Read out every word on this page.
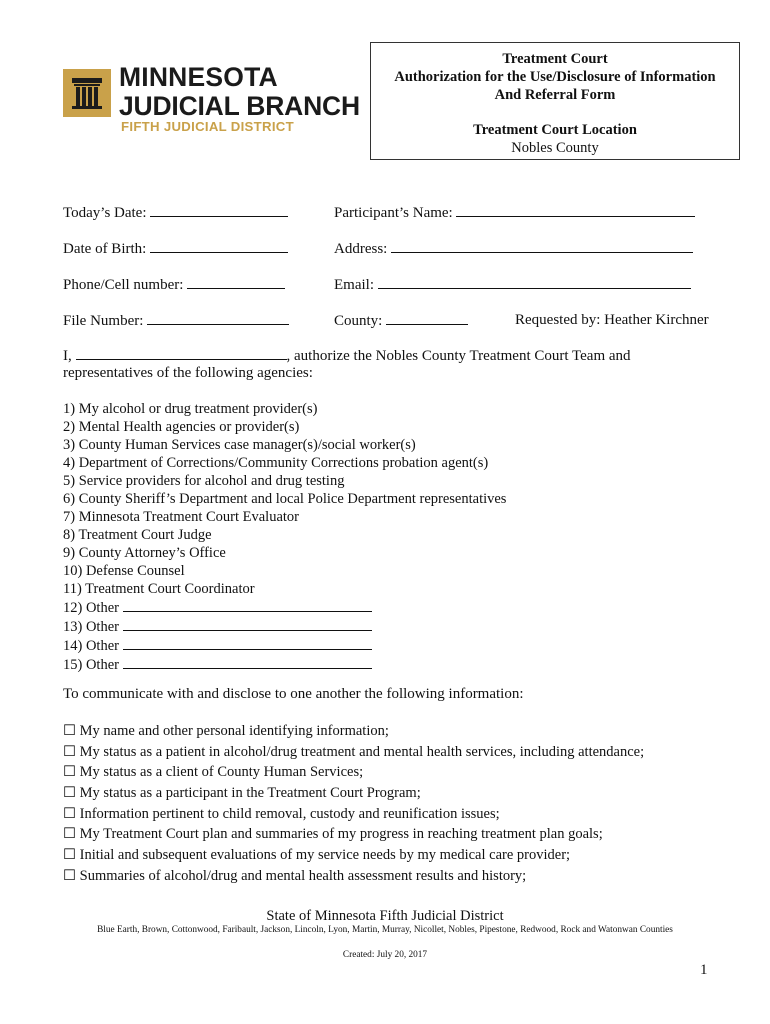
MINNESOTA
JUDICIAL BRANCH
FIFTH JUDICIAL DISTRICT
Treatment Court
Authorization for the Use/Disclosure of Information
And Referral Form
Treatment Court Location
Nobles County
Today’s Date:	Participant’s Name:
Date of Birth:	Address:
Phone/Cell number:	Email:
File Number:	County:	Requested by: Heather Kirchner
I,	, authorize the Nobles County Treatment Court Team and
representatives of the following agencies:
1) My alcohol or drug treatment provider(s)
2) Mental Health agencies or provider(s)
3) County Human Services case manager(s)/social worker(s)
4) Department of Corrections/Community Corrections probation agent(s)
5) Service providers for alcohol and drug testing
6) County Sheriff’s Department and local Police Department representatives
7) Minnesota Treatment Court Evaluator
8) Treatment Court Judge
9) County Attorney’s Office
10) Defense Counsel
11) Treatment Court Coordinator
12) Other
13) Other
14) Other
15) Other
To communicate with and disclose to one another the following information:
☐ My name and other personal identifying information;
☐ My status as a patient in alcohol/drug treatment and mental health services, including attendance;
☐ My status as a client of County Human Services;
☐ My status as a participant in the Treatment Court Program;
☐ Information pertinent to child removal, custody and reunification issues;
☐ My Treatment Court plan and summaries of my progress in reaching treatment plan goals;
☐ Initial and subsequent evaluations of my service needs by my medical care provider;
☐ Summaries of alcohol/drug and mental health assessment results and history;
State of Minnesota Fifth Judicial District
Blue Earth, Brown, Cottonwood, Faribault, Jackson, Lincoln, Lyon, Martin, Murray, Nicollet, Nobles, Pipestone, Redwood, Rock and Watonwan Counties
Created: July 20, 2017
1
